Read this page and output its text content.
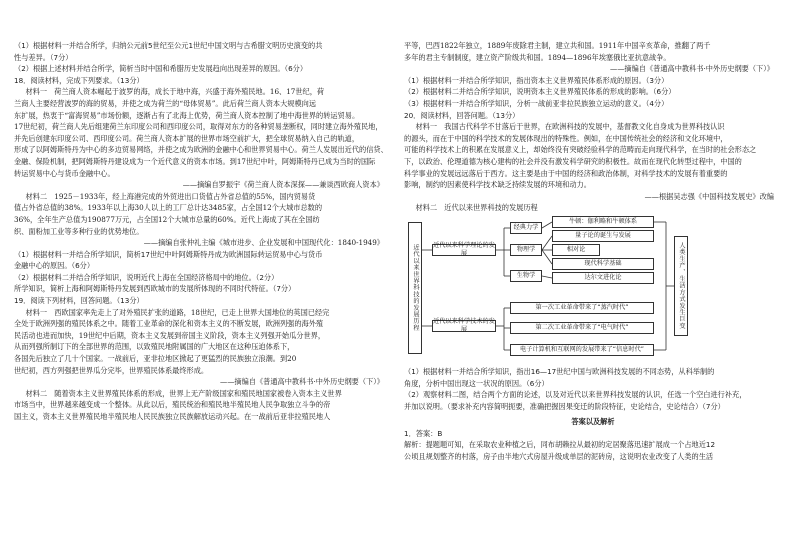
（1）根据材料一并结合所学，归纳公元前5世纪至公元1世纪中国文明与古希腊文明历史演变的共

性与差异。（7分）

（2）根据上述材料并结合所学，简析当时中国和希腊历史发展趋向出现差异的原因。（6分）

18．阅读材料，完成下列要求。（13分）

材料一　荷兰商人资本崛起于波罗的海，成长于地中海，兴盛于海外殖民地。16、17世纪，荷

兰商人主要经营波罗的海的贸易，并使之成为荷兰的“母体贸易”。此后荷兰商人资本大规模向远

东扩展，热衷于“富海贸易”市场份额，逐渐占有了北海上优势，荷兰商人资本控制了地中海世界的转运贸易。

17世纪初，荷兰商人先后组建荷兰东印度公司和西印度公司，取得对东方的各种贸易垄断权，同时建立海外殖民地，

并先后创建东印度公司、西印度公司。荷兰商人资本扩展的世界市场空前扩大，把全球贸易纳入自己的轨道，

形成了以阿姆斯特丹为中心的多边贸易网络，并使之成为欧洲的金融中心和世界贸易中心。荷兰人发展出近代的信贷、

金融、保险机制，把阿姆斯特丹建设成为一个近代意义的资本市场。到17世纪中叶，阿姆斯特丹已成为当时的国际

转运贸易中心与货币金融中心。

——摘编自罗振宇《荷兰商人资本深探——兼谈西欧商人资本》

材料二　1925－1933年，经上海港完成的外贸进出口货值占外省总值的55%，国内贸易货

值占外省总值的38%。1933年以上海30人以上的工厂总计达3485家，占全国12个大城市总数的

36%，全年生产总值为190877万元，占全国12个大城市总量的60%。近代上海成了其在全国纺

织、面粉加工业等多种行业的优势地位。

——摘编自张仲礼主编《城市进步、企业发展和中国现代化：1840-1949》

（1）根据材料一并结合所学知识，简析17世纪中叶阿姆斯特丹成为欧洲国际转运贸易中心与货币

金融中心的原因。（6分）

（2）根据材料二并结合所学知识，说明近代上海在全国经济格局中的地位。（2分）

所学知识，简析上海和阿姆斯特丹发展到西欧城市的发展所体现的不同时代特征。（7分）

19．阅读下列材料，回答问题。（13分）

材料一　西欧国家率先走上了对外殖民扩张的道路，18世纪，已走上世界大国地位的英国已经完

全处于欧洲列强的殖民体系之中。随着工业革命的深化和资本主义的不断发展，欧洲列强的海外殖

民活动也进而加快，19世纪中后期，资本主义发展到帝国主义阶段，资本主义列强开始瓜分世界，

从而列强所制订下的全部世界的范围，以致殖民地附属国的广大地区在这种压迫体系下，

各国先后独立了几十个国家。一战前后，亚非拉地区掀起了更猛烈的民族独立浪潮。到20

世纪初，西方列强把世界瓜分完毕，世界殖民体系最终形成。

——摘编自《普通高中教科书·中外历史纲要（下）》

材料二　随着资本主义世界殖民体系的形成，世界上无产阶级国家和殖民地国家被卷入资本主义世界

市场当中，世界越来越变成一个整体。从此以后，殖民统治和殖民地半殖民地人民争取独立斗争的帝

国主义，资本主义世界殖民地半殖民地人民民族独立民族解放运动兴起。在一战前后亚非拉殖民地人

平等，巴西1822年独立，1889年废除君主制，建立共和国。1911年中国辛亥革命，推翻了两千

多年的君主专制制度，建立资产阶级共和国。1894—1896年埃塞俄比亚抗意战争。

——摘编自《普通高中教科书·中外历史纲要（下）》

（1）根据材料一并结合所学知识，指出资本主义世界殖民体系形成的原因。（3分）

（2）根据材料二并结合所学知识，说明资本主义世界殖民体系的形成的影响。（6分）

（3）根据材料一并结合所学知识，分析一战前亚非拉民族独立运动的意义。（4分）

20．阅读材料，回答问题。（13分）

材料一　我国古代科学不甘落后于世界，在欧洲科技的发展中，基督教文化自身成为世界科技认识

的源头，而在于中国的科学技术的发展体现出的特殊性。例如，在中国传统社会的经济和文化环境中，

可能的科学技术上的积累在发展意义上，却始终没有突破经验科学的范畴而走向现代科学，在当时的社会形态之

下，以政治、伦理道德为核心建构的社会并没有激发科学研究的积极性。故而在现代化转型过程中，中国的

科学事业的发展远远落后于西方。这主要是由于中国的经济和政治体制，对科学技术的发展有着重要的

影响，制约的因素使科学技术缺乏持续发展的环境和动力。

——根据吴志强《中国科技发展史》改编

材料二　近代以来世界科技的发展历程

近代以来世界科技的发展历程	近代以来科学理论的发展
近代以来科学技术的发展
经典力学
物理学
生物学
牛顿：伽利略和牛顿体系
量子论的诞生与发展
相对论
现代科学基础
达尔文进化论
第一次工业革命带来了“蒸汽时代”
第二次工业革命带来了“电气时代”
电子计算机和互联网的发展带来了“信息时代”
人类生产、生活方式发生巨变

（1）根据材料一并结合所学知识，指出16—17世纪中国与欧洲科技发展的不同态势，从科举制的

角度，分析中国出现这一状况的原因。（6分）

（2）观察材料二图，结合两个方面的论述，以及对近代以来世界科技发展的认识，任选一个空白进行补充，

并加以说明。（要求补充内容简明扼要，准确把握因果变迁的阶段特征，史论结合，史论结合）（7分）

答案以及解析

1．答案：B

解析：提题题可知，在采取农业种植之后，同布胡赖拉从最初的定居聚落迅速扩展成一个占地近12

公顷且规划整齐的村落，房子由半地穴式房屋升级成单层的泥砖房，这说明农业改变了人类的生活
